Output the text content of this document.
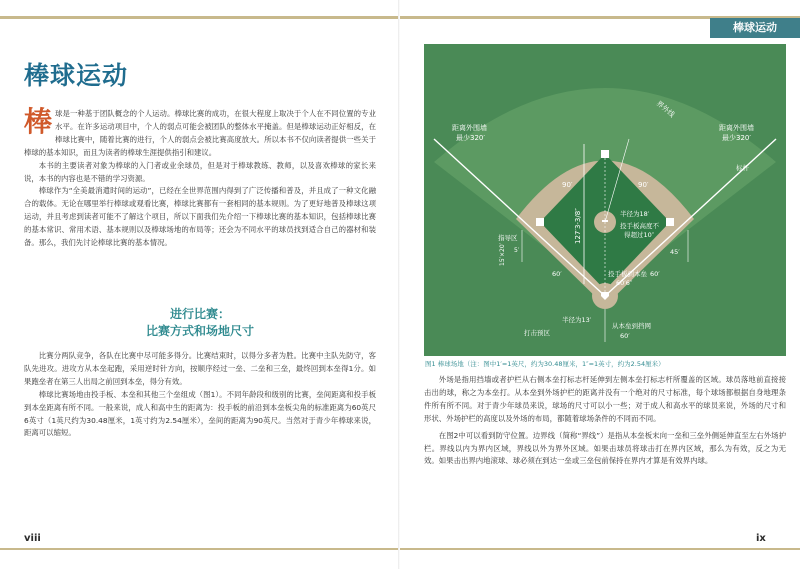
棒球运动

棒球是一种基于团队概念的个人运动。棒球比赛的成功，在很大程度上取决于个人在不同位置的专业水平。在许多运动项目中，个人的弱点可能会被团队的整体水平掩盖。但是棒球运动正好相反，在棒球比赛中，随着比赛的进行，个人的弱点会被比赛高度放大。所以本书不仅向读者提供一些关于棒球的基本知识，而且为读者的棒球生涯提供指引和建议。

本书的主要读者对象为棒球的入门者或业余球员，但是对于棒球教练、教师，以及喜欢棒球的家长来说，本书的内容也是不错的学习资源。

棒球作为“全美最消遣时间的运动”，已经在全世界范围内得到了广泛传播和普及，并且成了一种文化融合的载体。无论在哪里举行棒球或观看比赛，棒球比赛都有一套相同的基本规则。为了更好地普及棒球这项运动，并且考虑到读者可能不了解这个项目，所以下面我们先介绍一下棒球比赛的基本知识，包括棒球比赛的基本常识、常用术语、基本规则以及棒球场地的布局等；还会为不同水平的球员找到适合自己的器材和装备。那么，我们先讨论棒球比赛的基本情况。

进行比赛：
比赛方式和场地尺寸

比赛分两队竞争，各队在比赛中尽可能多得分。比赛结束时，以得分多者为胜。比赛中主队先防守，客队先进攻。进攻方从本垒起跑，采用逆时针方向，按顺序经过一垒、二垒和三垒，最终回到本垒得1分。如果跑垒者在第三人出局之前回到本垒，得分有效。

棒球比赛场地由投手板、本垒和其他三个垒组成（图1）。不同年龄段和级别的比赛，垒间距离和投手板到本垒距离有所不同。一般来说，成人和高中生的距离为：投手板的前沿到本垒板尖角的标准距离为60英尺6英寸（1英尺约为30.48厘米，1英寸约为2.54厘米），垒间的距离为90英尺。当然对于青少年棒球来说，距离可以缩短。

viii
棒球运动
ix
界外线
距离外围墙
最少320′
距离外围墙
最少320′
127′3-3/8″
90′	90′
半径为18′
投手板高度不
得超过10″
投手板到本垒
60′6″
指导区
5′
15′×20′
60′	60′
半径为13′
打击预区
从本垒到挡网
60′
标杆
45′
图1 棒球场地（注：图中1′=1英尺，约为30.48厘米，1″=1英寸，约为2.54厘米）

外场是指用挡墙或者护栏从右侧本垒打标志杆延伸到左侧本垒打标志杆所覆盖的区域。球员落地前直接接击出的球，称之为本垒打。从本垒到外场护栏的距离并没有一个绝对的尺寸标准，每个球场都根据自身地理条件所有所不同。对于青少年球员来说，球场的尺寸可以小一些；对于成人和高水平的球员来说，外场的尺寸和形状、外场护栏的高度以及外场的布局，都随着球场条件的不同而不同。

在图2中可以看到防守位置。边界线（简称“界线”）是指从本垒板末向一垒和三垒外侧延伸直至左右外场护栏。界线以内为界内区域，界线以外为界外区域。如果击球员将球击打在界内区域，那么为有效，反之为无效。如果击出界内地滚球、球必须在到达一垒或三垒包前保持在界内才算是有效界内球。
